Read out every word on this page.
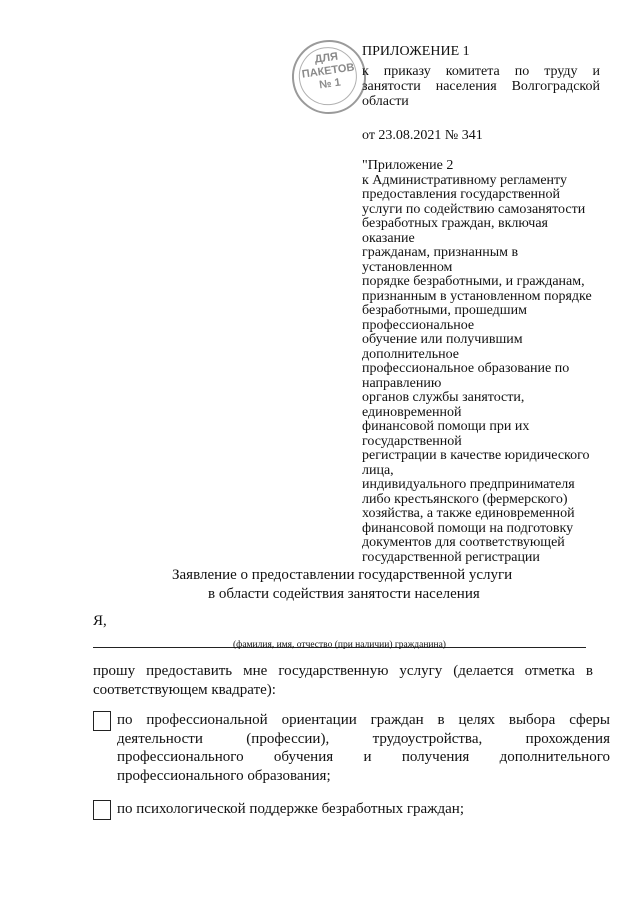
ДЛЯ
ПАКЕТОВ
№ 1
ПРИЛОЖЕНИЕ 1
к приказу комитета по труду и занятости населения Волгоградской области
от 23.08.2021 № 341
"Приложение 2
к Административному регламенту
предоставления государственной
услуги по содействию самозанятости
безработных граждан, включая
оказание
гражданам, признанным в
установленном
порядке безработными, и гражданам,
признанным в установленном порядке
безработными, прошедшим
профессиональное
обучение или получившим
дополнительное
профессиональное образование по
направлению
органов службы занятости,
единовременной
финансовой помощи при их
государственной
регистрации в качестве юридического
лица,
индивидуального предпринимателя
либо крестьянского (фермерского)
хозяйства, а также единовременной
финансовой помощи на подготовку
документов для соответствующей
государственной регистрации
Заявление о предоставлении государственной услуги
в области содействия занятости населения
Я,
(фамилия, имя, отчество (при наличии) гражданина)
прошу предоставить мне государственную услугу (делается отметка в соответствующем квадрате):
по профессиональной ориентации граждан в целях выбора сферы деятельности (профессии), трудоустройства, прохождения профессионального обучения и получения дополнительного профессионального образования;
по психологической поддержке безработных граждан;
